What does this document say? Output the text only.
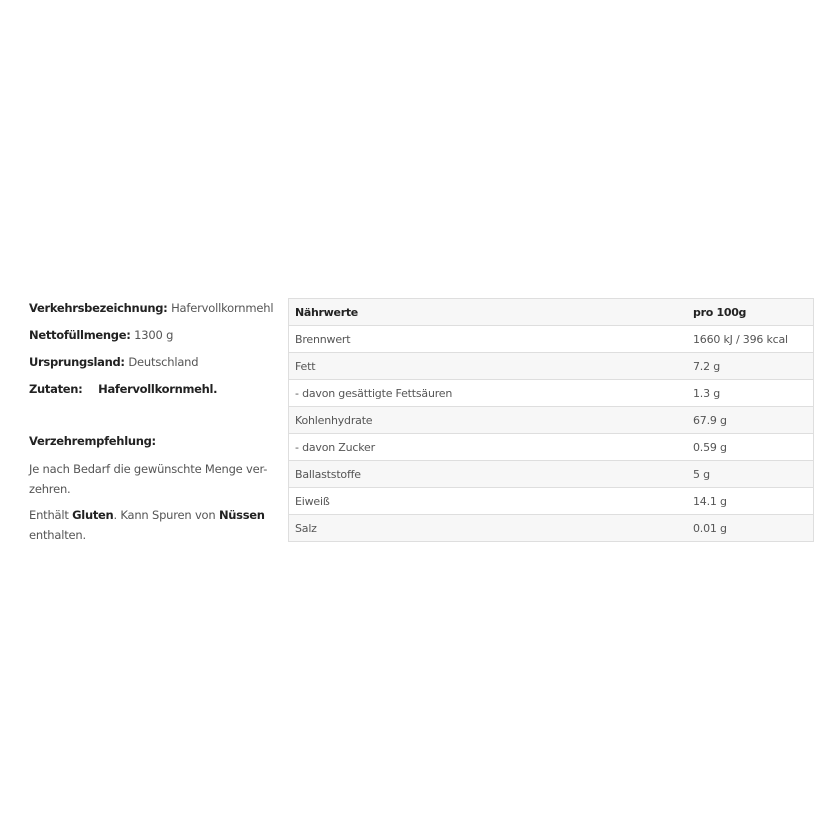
Verkehrsbezeichnung: Hafervollkornmehl
Nettofüllmenge: 1300 g
Ursprungsland: Deutschland
Zutaten: Hafervollkornmehl.
Verzehrempfehlung:
Je nach Bedarf die gewünschte Menge ver-
zehren.
Enthält Gluten. Kann Spuren von Nüssen
enthalten.
Nährwerte	pro 100g
Brennwert	1660 kJ / 396 kcal
Fett	7.2 g
- davon gesättigte Fettsäuren	1.3 g
Kohlenhydrate	67.9 g
- davon Zucker	0.59 g
Ballaststoffe	5 g
Eiweiß	14.1 g
Salz	0.01 g
